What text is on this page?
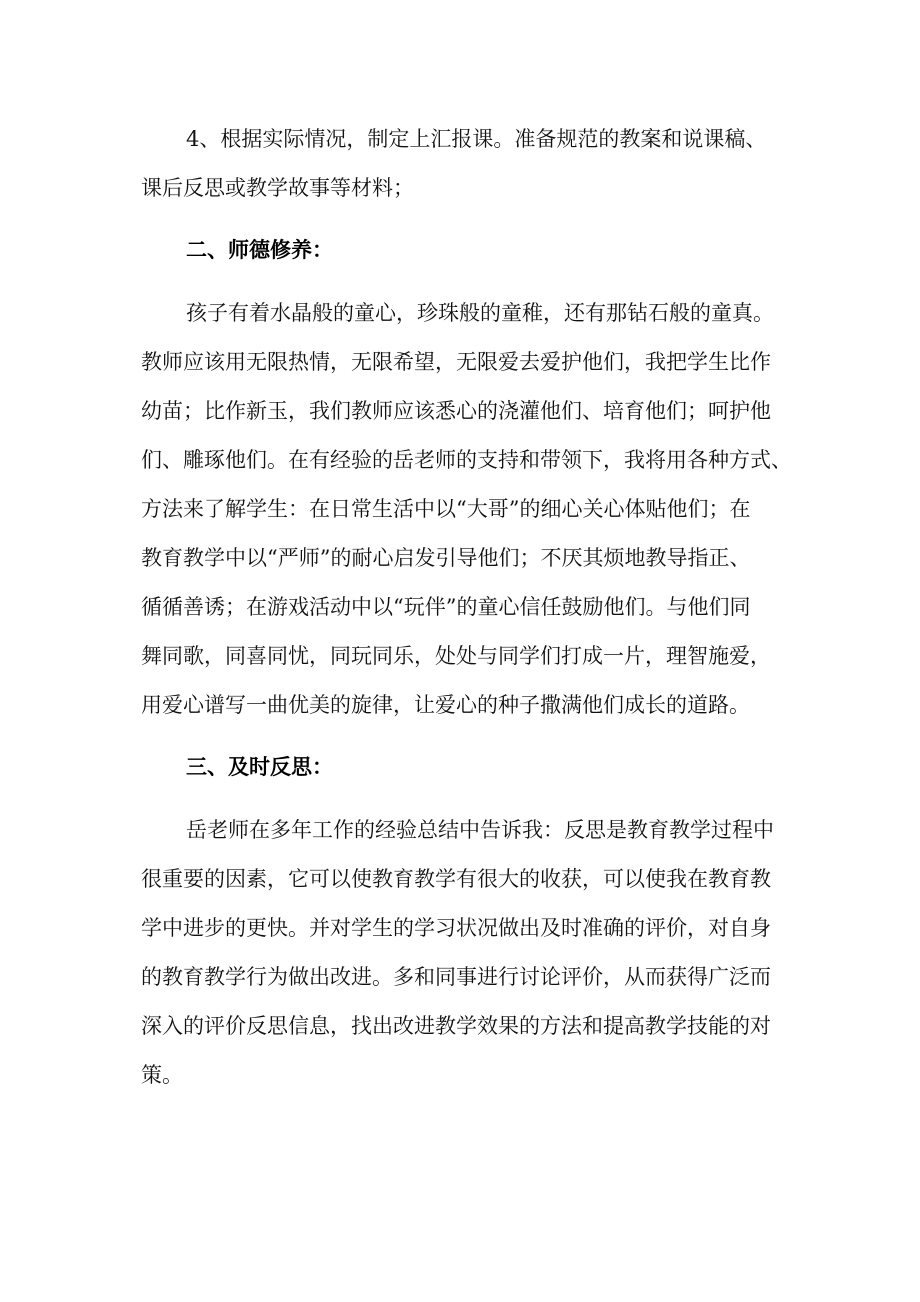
4、根据实际情况，制定上汇报课。准备规范的教案和说课稿、
课后反思或教学故事等材料；
二、师德修养：
孩子有着水晶般的童心，珍珠般的童稚，还有那钻石般的童真。
教师应该用无限热情，无限希望，无限爱去爱护他们，我把学生比作
幼苗；比作新玉，我们教师应该悉心的浇灌他们、培育他们；呵护他
们、雕琢他们。在有经验的岳老师的支持和带领下，我将用各种方式、
方法来了解学生：在日常生活中以“大哥”的细心关心体贴他们；在
教育教学中以“严师”的耐心启发引导他们；不厌其烦地教导指正、
循循善诱；在游戏活动中以“玩伴”的童心信任鼓励他们。与他们同
舞同歌，同喜同忧，同玩同乐，处处与同学们打成一片，理智施爱，
用爱心谱写一曲优美的旋律，让爱心的种子撒满他们成长的道路。
三、及时反思：
岳老师在多年工作的经验总结中告诉我：反思是教育教学过程中
很重要的因素，它可以使教育教学有很大的收获，可以使我在教育教
学中进步的更快。并对学生的学习状况做出及时准确的评价，对自身
的教育教学行为做出改进。多和同事进行讨论评价，从而获得广泛而
深入的评价反思信息，找出改进教学效果的方法和提高教学技能的对
策。
